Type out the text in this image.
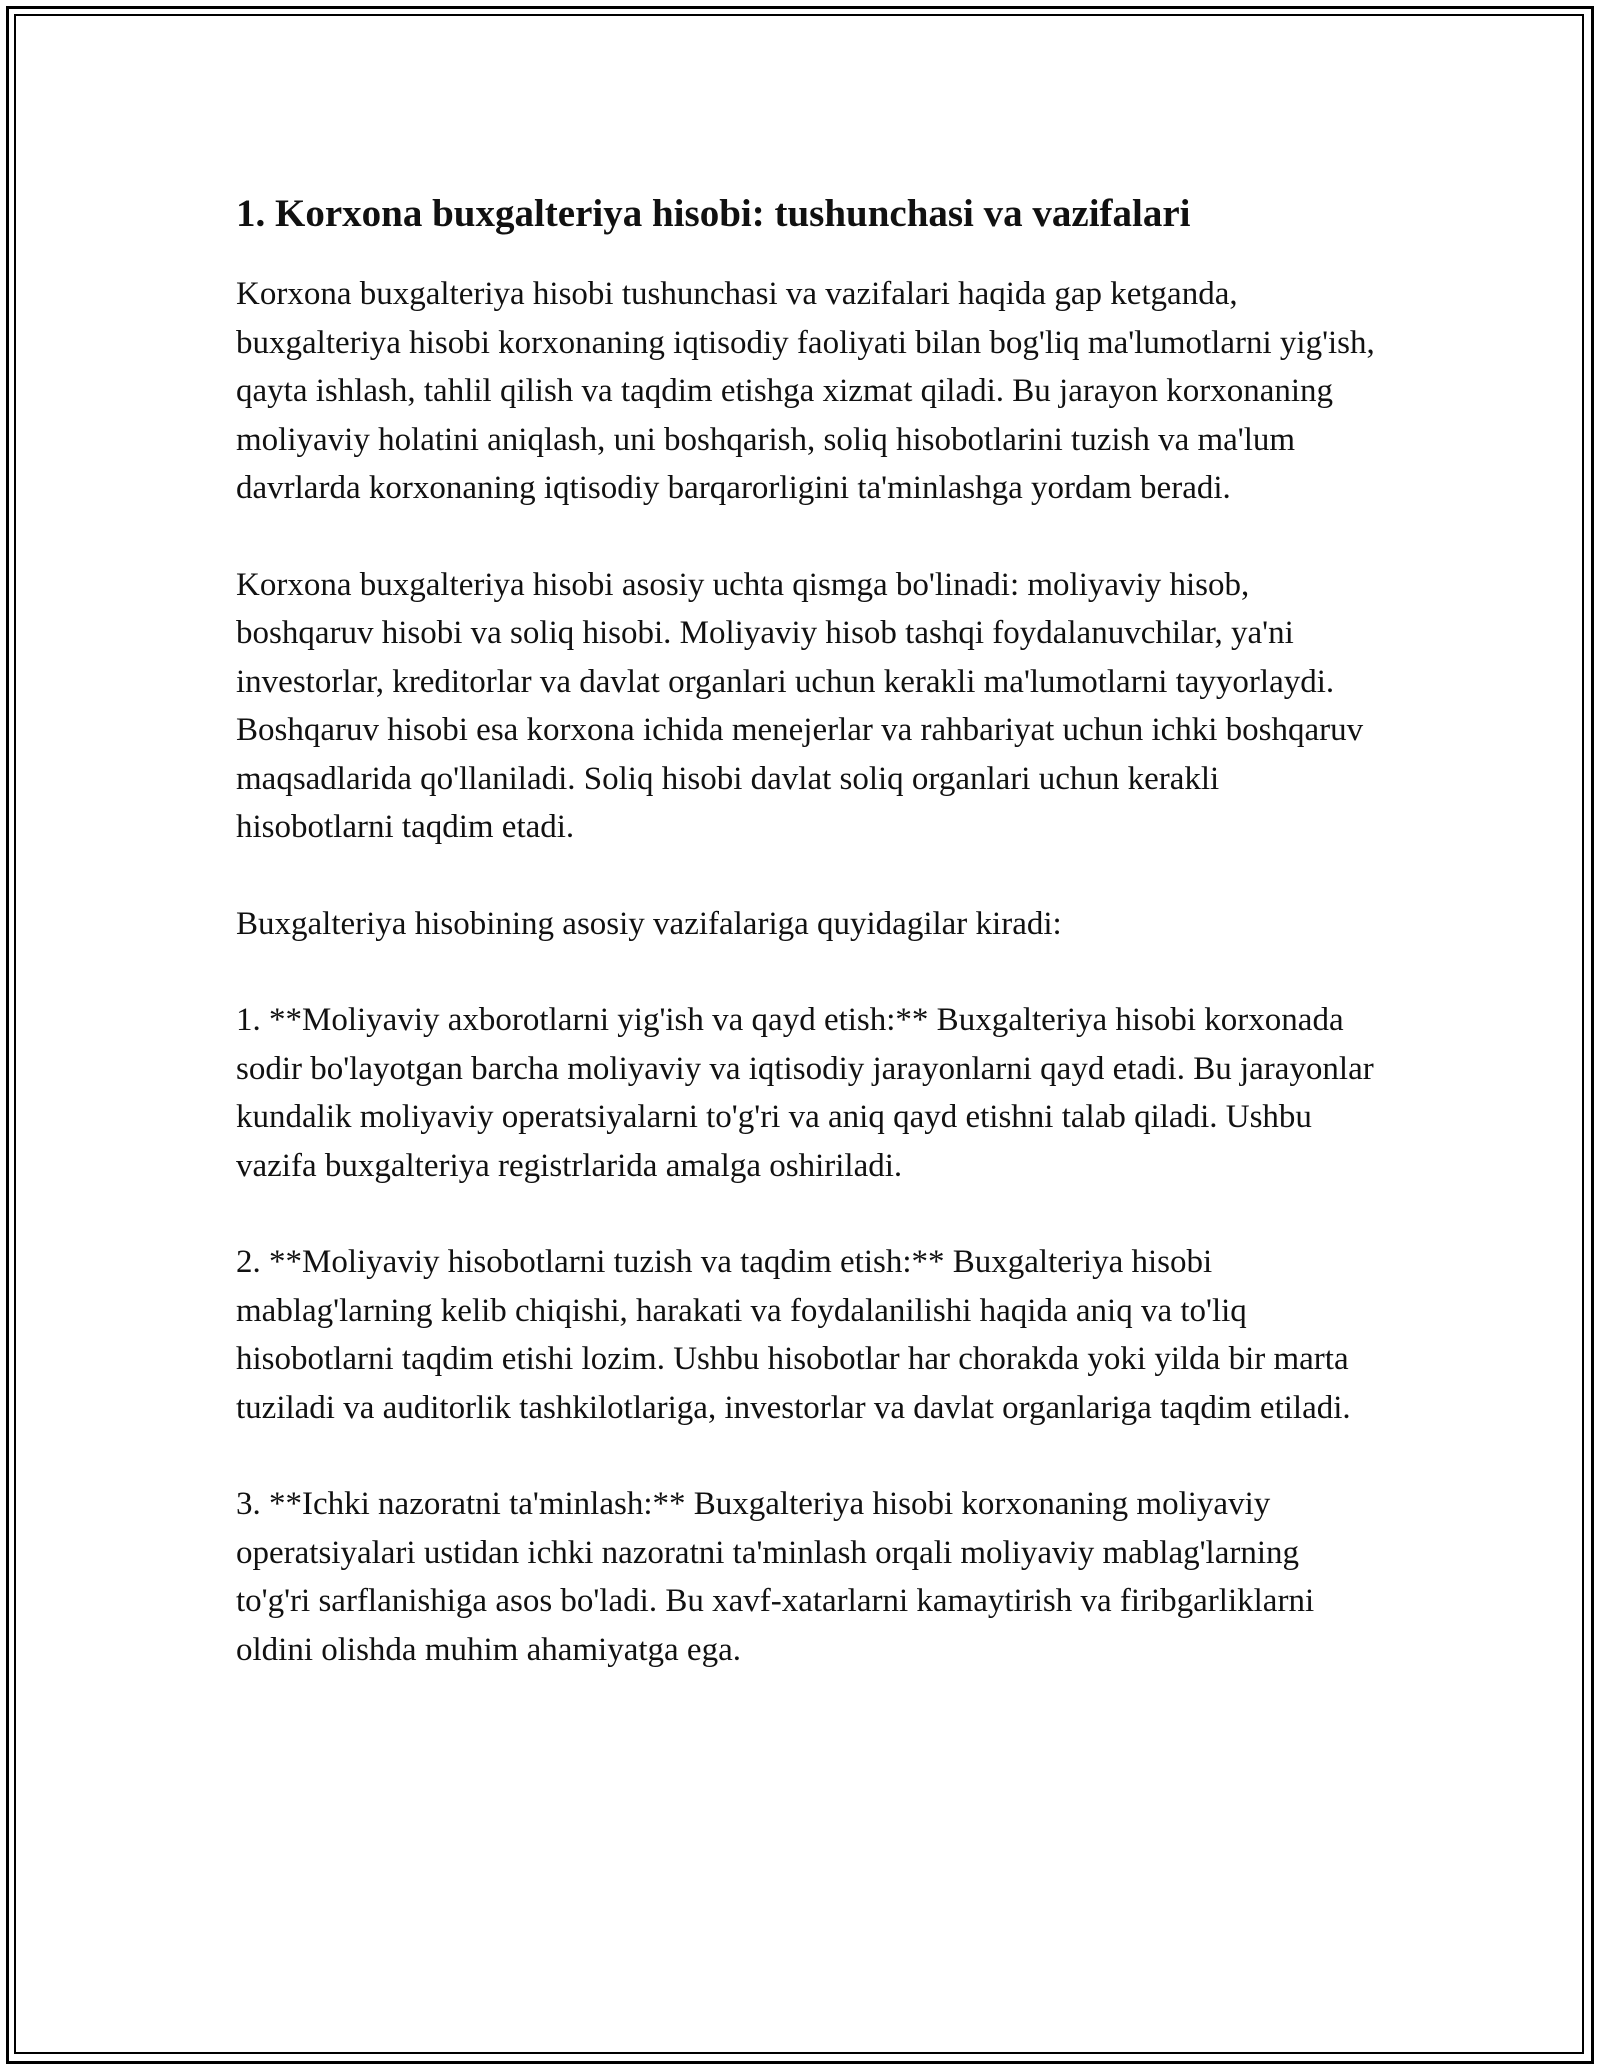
1. Korxona buxgalteriya hisobi: tushunchasi va vazifalari

Korxona buxgalteriya hisobi tushunchasi va vazifalari haqida gap ketganda, buxgalteriya hisobi korxonaning iqtisodiy faoliyati bilan bog'liq ma'lumotlarni yig'ish, qayta ishlash, tahlil qilish va taqdim etishga xizmat qiladi. Bu jarayon korxonaning moliyaviy holatini aniqlash, uni boshqarish, soliq hisobotlarini tuzish va ma'lum davrlarda korxonaning iqtisodiy barqarorligini ta'minlashga yordam beradi.

Korxona buxgalteriya hisobi asosiy uchta qismga bo'linadi: moliyaviy hisob, boshqaruv hisobi va soliq hisobi. Moliyaviy hisob tashqi foydalanuvchilar, ya'ni investorlar, kreditorlar va davlat organlari uchun kerakli ma'lumotlarni tayyorlaydi. Boshqaruv hisobi esa korxona ichida menejerlar va rahbariyat uchun ichki boshqaruv maqsadlarida qo'llaniladi. Soliq hisobi davlat soliq organlari uchun kerakli hisobotlarni taqdim etadi.

Buxgalteriya hisobining asosiy vazifalariga quyidagilar kiradi:

1. **Moliyaviy axborotlarni yig'ish va qayd etish:** Buxgalteriya hisobi korxonada sodir bo'layotgan barcha moliyaviy va iqtisodiy jarayonlarni qayd etadi. Bu jarayonlar kundalik moliyaviy operatsiyalarni to'g'ri va aniq qayd etishni talab qiladi. Ushbu vazifa buxgalteriya registrlarida amalga oshiriladi.

2. **Moliyaviy hisobotlarni tuzish va taqdim etish:** Buxgalteriya hisobi mablag'larning kelib chiqishi, harakati va foydalanilishi haqida aniq va to'liq hisobotlarni taqdim etishi lozim. Ushbu hisobotlar har chorakda yoki yilda bir marta tuziladi va auditorlik tashkilotlariga, investorlar va davlat organlariga taqdim etiladi.

3. **Ichki nazoratni ta'minlash:** Buxgalteriya hisobi korxonaning moliyaviy operatsiyalari ustidan ichki nazoratni ta'minlash orqali moliyaviy mablag'larning to'g'ri sarflanishiga asos bo'ladi. Bu xavf-xatarlarni kamaytirish va firibgarliklarni oldini olishda muhim ahamiyatga ega.
